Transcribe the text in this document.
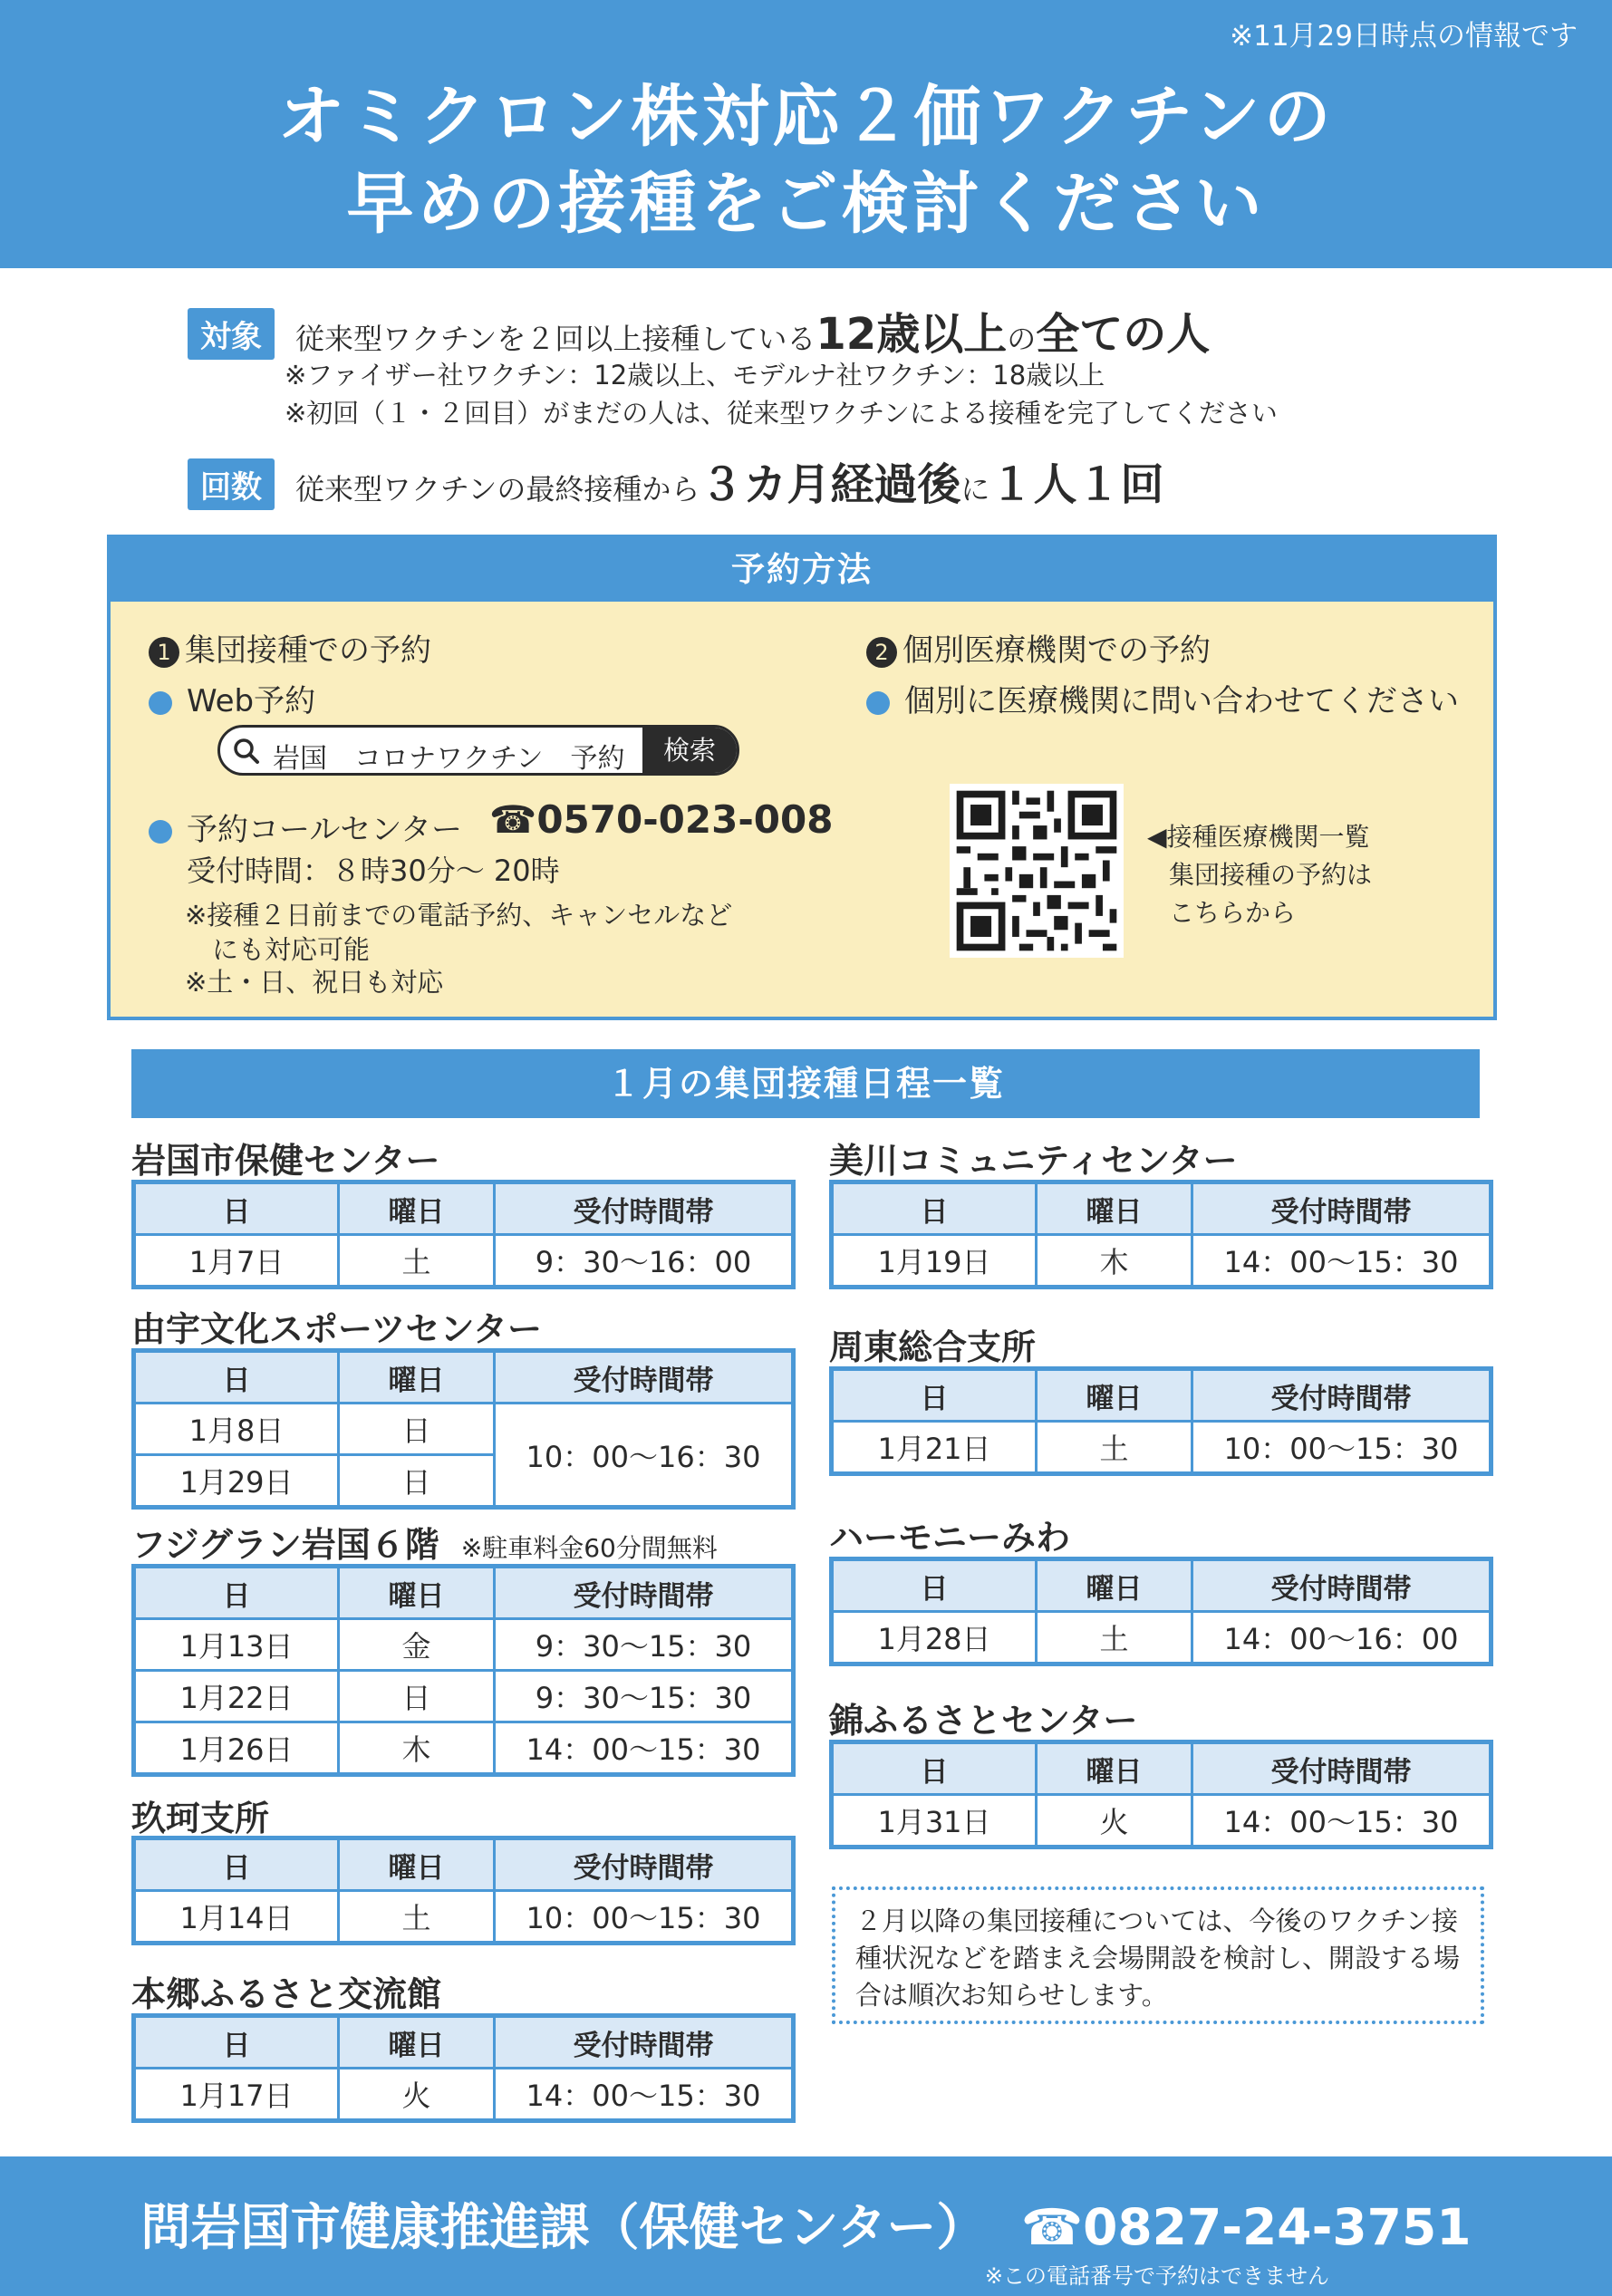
※11月29日時点の情報です
オミクロン株対応２価ワクチンの
早めの接種をご検討ください
対象	従来型ワクチンを２回以上接種している12歳以上の全ての人
※ファイザー社ワクチン：12歳以上、モデルナ社ワクチン：18歳以上
※初回（１・２回目）がまだの人は、従来型ワクチンによる接種を完了してください
回数	従来型ワクチンの最終接種から３カ月経過後に１人１回
予約方法
1 集団接種での予約
Web予約
岩国　コロナワクチン　予約	検索
予約コールセンター ☎0570-023-008
受付時間：８時30分～ 20時
※接種２日前までの電話予約、キャンセルなど
にも対応可能
※土・日、祝日も対応
2 個別医療機関での予約
個別に医療機関に問い合わせてください
◀接種医療機関一覧
集団接種の予約は
こちらから
１月の集団接種日程一覧
岩国市保健センター
日	曜日	受付時間帯
1月7日	土	9：30～16：00
由宇文化スポーツセンター
日	曜日	受付時間帯
1月8日	日	10：00～16：30
1月29日	日	
フジグラン岩国６階 ※駐車料金60分間無料
日	曜日	受付時間帯
1月13日	金	9：30～15：30
1月22日	日	9：30～15：30
1月26日	木	14：00～15：30
玖珂支所
日	曜日	受付時間帯
1月14日	土	10：00～15：30
本郷ふるさと交流館
日	曜日	受付時間帯
1月17日	火	14：00～15：30
美川コミュニティセンター
日	曜日	受付時間帯
1月19日	木	14：00～15：30
周東総合支所
日	曜日	受付時間帯
1月21日	土	10：00～15：30
ハーモニーみわ
日	曜日	受付時間帯
1月28日	土	14：00～16：00
錦ふるさとセンター
日	曜日	受付時間帯
1月31日	火	14：00～15：30
２月以降の集団接種については、今後のワクチン接種状況などを踏まえ会場開設を検討し、開設する場合は順次お知らせします。
問岩国市健康推進課（保健センター） ☎0827-24-3751
※この電話番号で予約はできません
